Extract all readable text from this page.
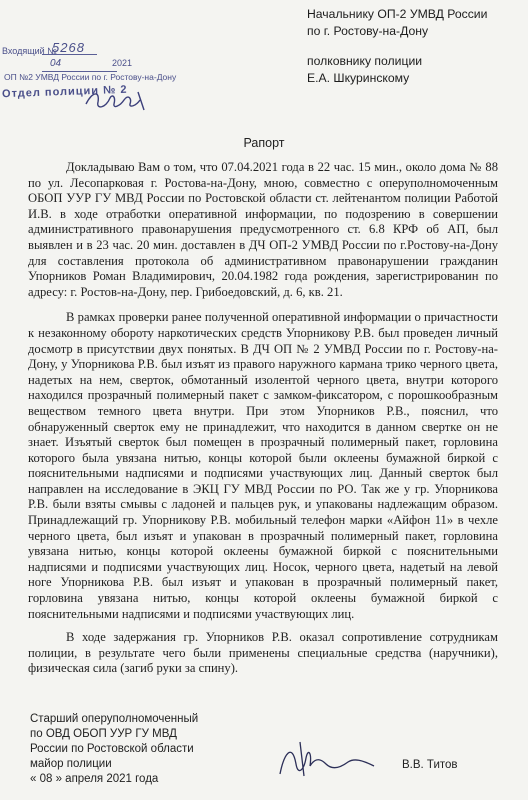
Начальнику ОП-2 УМВД России
по г. Ростову-на-Дону
полковнику полиции
Е.А. Шкуринскому
Входящий №
5268
04	2021
ОП №2 УМВД России по г. Ростову-на-Дону
Отдел полиции № 2
Рапорт

Докладываю Вам о том, что 07.04.2021 года в 22 час. 15 мин., около дома № 88 по ул. Лесопарковая г. Ростова-на-Дону, мною, совместно с оперуполномоченным ОБОП УУР ГУ МВД России по Ростовской области ст. лейтенантом полиции Работой И.В. в ходе отработки оперативной информации, по подозрению в совершении административного правонарушения предусмотренного ст. 6.8 КРФ об АП, был выявлен и в 23 час. 20 мин. доставлен в ДЧ ОП-2 УМВД России по г.Ростову-на-Дону для составления протокола об административном правонарушении гражданин Упорников Роман Владимирович, 20.04.1982 года рождения, зарегистрированин по адресу: г. Ростов-на-Дону, пер. Грибоедовский, д. 6, кв. 21.

В рамках проверки ранее полученной оперативной информации о причастности к незаконному обороту наркотических средств Упорникову Р.В. был проведен личный досмотр в присутствии двух понятых. В ДЧ ОП № 2 УМВД России по г. Ростову-на-Дону, у Упорникова Р.В. был изъят из правого наружного кармана трико черного цвета, надетых на нем, сверток, обмотанный изолентой черного цвета, внутри которого находился прозрачный полимерный пакет с замком-фиксатором, с порошкообразным веществом темного цвета внутри. При этом Упорников Р.В., пояснил, что обнаруженный сверток ему не принадлежит, что находится в данном свертке он не знает. Изъятый сверток был помещен в прозрачный полимерный пакет, горловина которого была увязана нитью, концы которой были оклеены бумажной биркой с пояснительными надписями и подписями участвующих лиц. Данный сверток был направлен на исследование в ЭКЦ ГУ МВД России по РО. Так же у гр. Упорникова Р.В. были взяты смывы с ладоней и пальцев рук, и упакованы надлежащим образом. Принадлежащий гр. Упорникову Р.В. мобильный телефон марки «Айфон 11» в чехле черного цвета, был изъят и упакован в прозрачный полимерный пакет, горловина увязана нитью, концы которой оклеены бумажной биркой с пояснительными надписями и подписями участвующих лиц. Носок, черного цвета, надетый на левой ноге Упорникова Р.В. был изъят и упакован в прозрачный полимерный пакет, горловина увязана нитью, концы которой оклеены бумажной биркой с пояснительными надписями и подписями участвующих лиц.

В ходе задержания гр. Упорников Р.В. оказал сопротивление сотрудникам полиции, в результате чего были применены специальные средства (наручники), физическая сила (загиб руки за спину).

Старший оперуполномоченный
по ОВД ОБОП УУР ГУ МВД
России по Ростовской области
майор полиции
« 08 » апреля 2021 года
В.В. Титов
